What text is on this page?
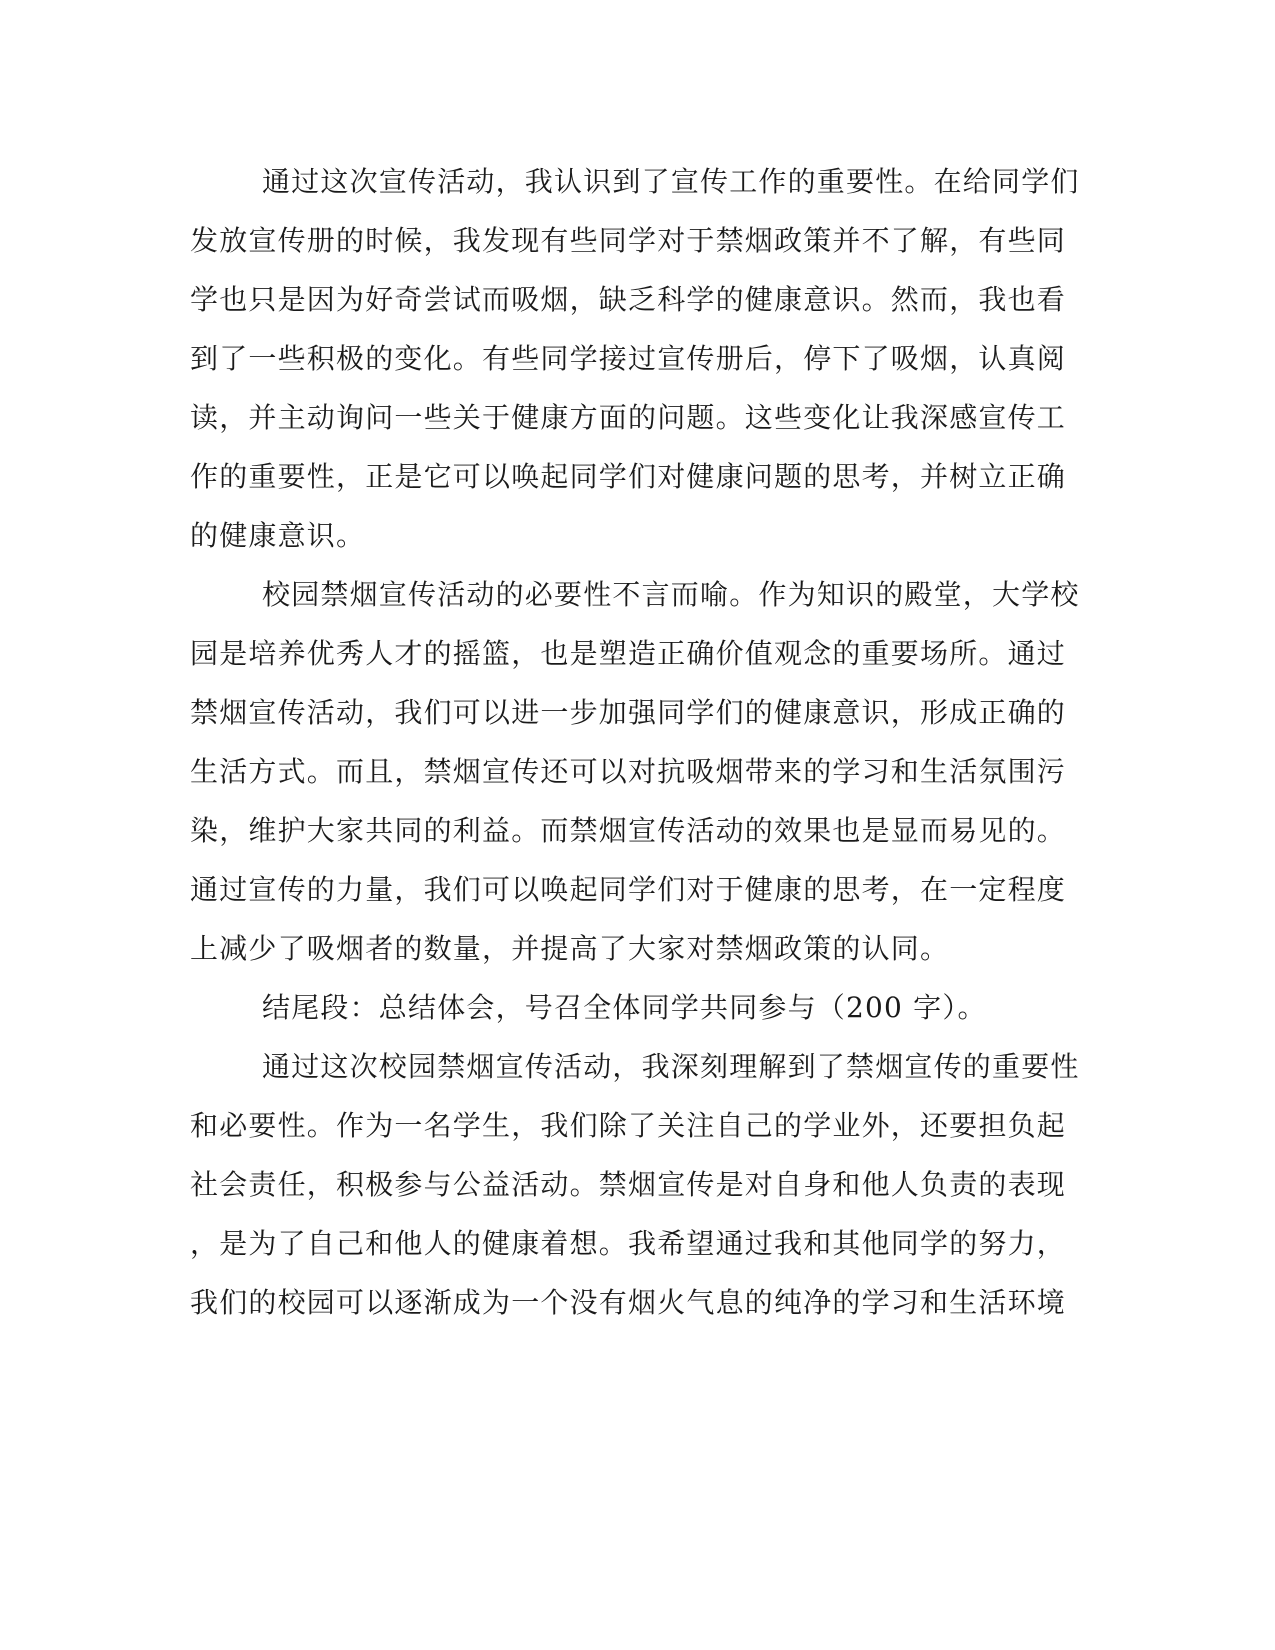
通过这次宣传活动，我认识到了宣传工作的重要性。在给同学们

发放宣传册的时候，我发现有些同学对于禁烟政策并不了解，有些同

学也只是因为好奇尝试而吸烟，缺乏科学的健康意识。然而，我也看

到了一些积极的变化。有些同学接过宣传册后，停下了吸烟，认真阅

读，并主动询问一些关于健康方面的问题。这些变化让我深感宣传工

作的重要性，正是它可以唤起同学们对健康问题的思考，并树立正确

的健康意识。

校园禁烟宣传活动的必要性不言而喻。作为知识的殿堂，大学校

园是培养优秀人才的摇篮，也是塑造正确价值观念的重要场所。通过

禁烟宣传活动，我们可以进一步加强同学们的健康意识，形成正确的

生活方式。而且，禁烟宣传还可以对抗吸烟带来的学习和生活氛围污

染，维护大家共同的利益。而禁烟宣传活动的效果也是显而易见的。

通过宣传的力量，我们可以唤起同学们对于健康的思考，在一定程度

上减少了吸烟者的数量，并提高了大家对禁烟政策的认同。

结尾段：总结体会，号召全体同学共同参与（200 字）。

通过这次校园禁烟宣传活动，我深刻理解到了禁烟宣传的重要性

和必要性。作为一名学生，我们除了关注自己的学业外，还要担负起

社会责任，积极参与公益活动。禁烟宣传是对自身和他人负责的表现

，是为了自己和他人的健康着想。我希望通过我和其他同学的努力，

我们的校园可以逐渐成为一个没有烟火气息的纯净的学习和生活环境
